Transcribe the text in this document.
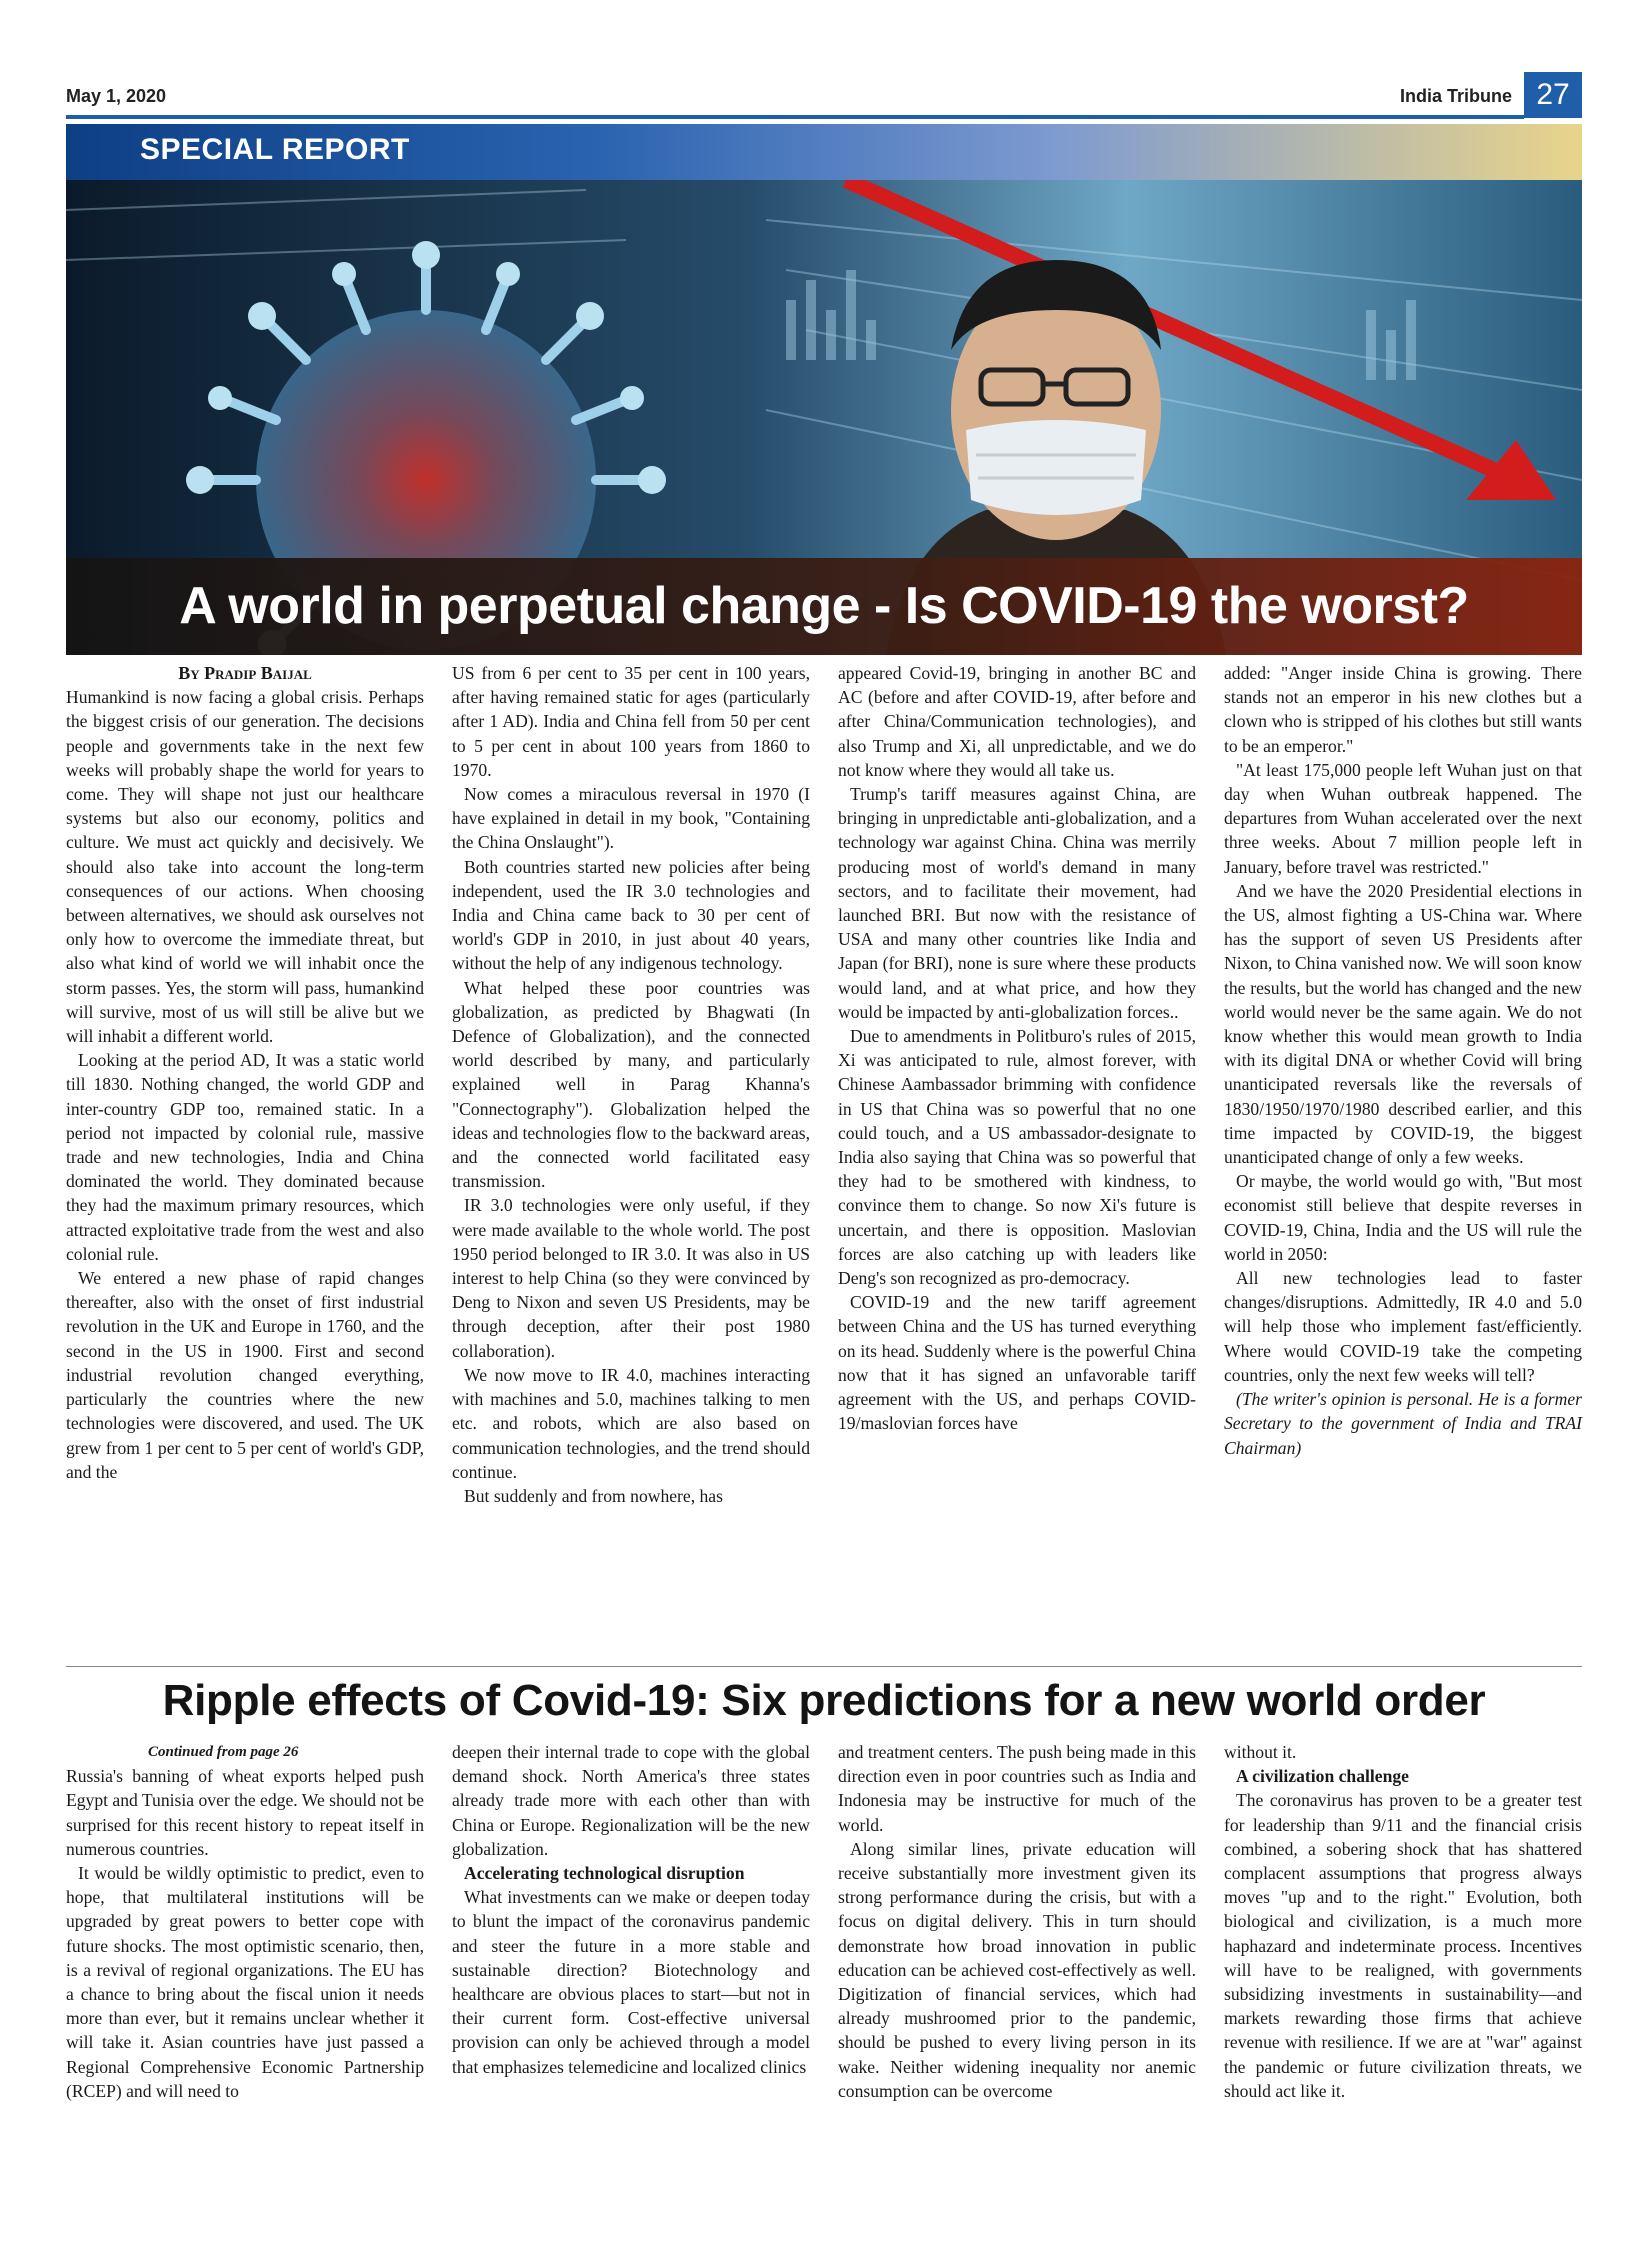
May 1, 2020	India Tribune 27
SPECIAL REPORT
A world in perpetual change - Is COVID-19 the worst?
By Pradip Baijal

Humankind is now facing a global crisis. Perhaps the biggest crisis of our generation. The decisions people and governments take in the next few weeks will probably shape the world for years to come. They will shape not just our healthcare systems but also our economy, politics and culture. We must act quickly and decisively. We should also take into account the long-term consequences of our actions. When choosing between alternatives, we should ask ourselves not only how to overcome the immediate threat, but also what kind of world we will inhabit once the storm passes. Yes, the storm will pass, humankind will survive, most of us will still be alive but we will inhabit a different world.

Looking at the period AD, It was a static world till 1830. Nothing changed, the world GDP and inter-country GDP too, remained static. In a period not impacted by colonial rule, massive trade and new technologies, India and China dominated the world. They dominated because they had the maximum primary resources, which attracted exploitative trade from the west and also colonial rule.

We entered a new phase of rapid changes thereafter, also with the onset of first industrial revolution in the UK and Europe in 1760, and the second in the US in 1900. First and second industrial revolution changed everything, particularly the countries where the new technologies were discovered, and used. The UK grew from 1 per cent to 5 per cent of world's GDP, and the

US from 6 per cent to 35 per cent in 100 years, after having remained static for ages (particularly after 1 AD). India and China fell from 50 per cent to 5 per cent in about 100 years from 1860 to 1970.

Now comes a miraculous reversal in 1970 (I have explained in detail in my book, "Containing the China Onslaught").

Both countries started new policies after being independent, used the IR 3.0 technologies and India and China came back to 30 per cent of world's GDP in 2010, in just about 40 years, without the help of any indigenous technology.

What helped these poor countries was globalization, as predicted by Bhagwati (In Defence of Globalization), and the connected world described by many, and particularly explained well in Parag Khanna's "Connectography"). Globalization helped the ideas and technologies flow to the backward areas, and the connected world facilitated easy transmission.

IR 3.0 technologies were only useful, if they were made available to the whole world. The post 1950 period belonged to IR 3.0. It was also in US interest to help China (so they were convinced by Deng to Nixon and seven US Presidents, may be through deception, after their post 1980 collaboration).

We now move to IR 4.0, machines interacting with machines and 5.0, machines talking to men etc. and robots, which are also based on communication technologies, and the trend should continue.

But suddenly and from nowhere, has

appeared Covid-19, bringing in another BC and AC (before and after COVID-19, after before and after China/Communication technologies), and also Trump and Xi, all unpredictable, and we do not know where they would all take us.

Trump's tariff measures against China, are bringing in unpredictable anti-globalization, and a technology war against China. China was merrily producing most of world's demand in many sectors, and to facilitate their movement, had launched BRI. But now with the resistance of USA and many other countries like India and Japan (for BRI), none is sure where these products would land, and at what price, and how they would be impacted by anti-globalization forces..

Due to amendments in Politburo's rules of 2015, Xi was anticipated to rule, almost forever, with Chinese Aambassador brimming with confidence in US that China was so powerful that no one could touch, and a US ambassador-designate to India also saying that China was so powerful that they had to be smothered with kindness, to convince them to change. So now Xi's future is uncertain, and there is opposition. Maslovian forces are also catching up with leaders like Deng's son recognized as pro-democracy.

COVID-19 and the new tariff agreement between China and the US has turned everything on its head. Suddenly where is the powerful China now that it has signed an unfavorable tariff agreement with the US, and perhaps COVID-19/maslovian forces have

added: "Anger inside China is growing. There stands not an emperor in his new clothes but a clown who is stripped of his clothes but still wants to be an emperor."

"At least 175,000 people left Wuhan just on that day when Wuhan outbreak happened. The departures from Wuhan accelerated over the next three weeks. About 7 million people left in January, before travel was restricted."

And we have the 2020 Presidential elections in the US, almost fighting a US-China war. Where has the support of seven US Presidents after Nixon, to China vanished now. We will soon know the results, but the world has changed and the new world would never be the same again. We do not know whether this would mean growth to India with its digital DNA or whether Covid will bring unanticipated reversals like the reversals of 1830/1950/1970/1980 described earlier, and this time impacted by COVID-19, the biggest unanticipated change of only a few weeks.

Or maybe, the world would go with, "But most economist still believe that despite reverses in COVID-19, China, India and the US will rule the world in 2050:

All new technologies lead to faster changes/disruptions. Admittedly, IR 4.0 and 5.0 will help those who implement fast/efficiently. Where would COVID-19 take the competing countries, only the next few weeks will tell?

(The writer's opinion is personal. He is a former Secretary to the government of India and TRAI Chairman)

Ripple effects of Covid-19: Six predictions for a new world order

Continued from page 26

Russia's banning of wheat exports helped push Egypt and Tunisia over the edge. We should not be surprised for this recent history to repeat itself in numerous countries.

It would be wildly optimistic to predict, even to hope, that multilateral institutions will be upgraded by great powers to better cope with future shocks. The most optimistic scenario, then, is a revival of regional organizations. The EU has a chance to bring about the fiscal union it needs more than ever, but it remains unclear whether it will take it. Asian countries have just passed a Regional Comprehensive Economic Partnership (RCEP) and will need to

deepen their internal trade to cope with the global demand shock. North America's three states already trade more with each other than with China or Europe. Regionalization will be the new globalization.

Accelerating technological disruption

What investments can we make or deepen today to blunt the impact of the coronavirus pandemic and steer the future in a more stable and sustainable direction? Biotechnology and healthcare are obvious places to start—but not in their current form. Cost-effective universal provision can only be achieved through a model that emphasizes telemedicine and localized clinics

and treatment centers. The push being made in this direction even in poor countries such as India and Indonesia may be instructive for much of the world.

Along similar lines, private education will receive substantially more investment given its strong performance during the crisis, but with a focus on digital delivery. This in turn should demonstrate how broad innovation in public education can be achieved cost-effectively as well. Digitization of financial services, which had already mushroomed prior to the pandemic, should be pushed to every living person in its wake. Neither widening inequality nor anemic consumption can be overcome

without it.

A civilization challenge

The coronavirus has proven to be a greater test for leadership than 9/11 and the financial crisis combined, a sobering shock that has shattered complacent assumptions that progress always moves "up and to the right." Evolution, both biological and civilization, is a much more haphazard and indeterminate process. Incentives will have to be realigned, with governments subsidizing investments in sustainability—and markets rewarding those firms that achieve revenue with resilience. If we are at "war" against the pandemic or future civilization threats, we should act like it.
